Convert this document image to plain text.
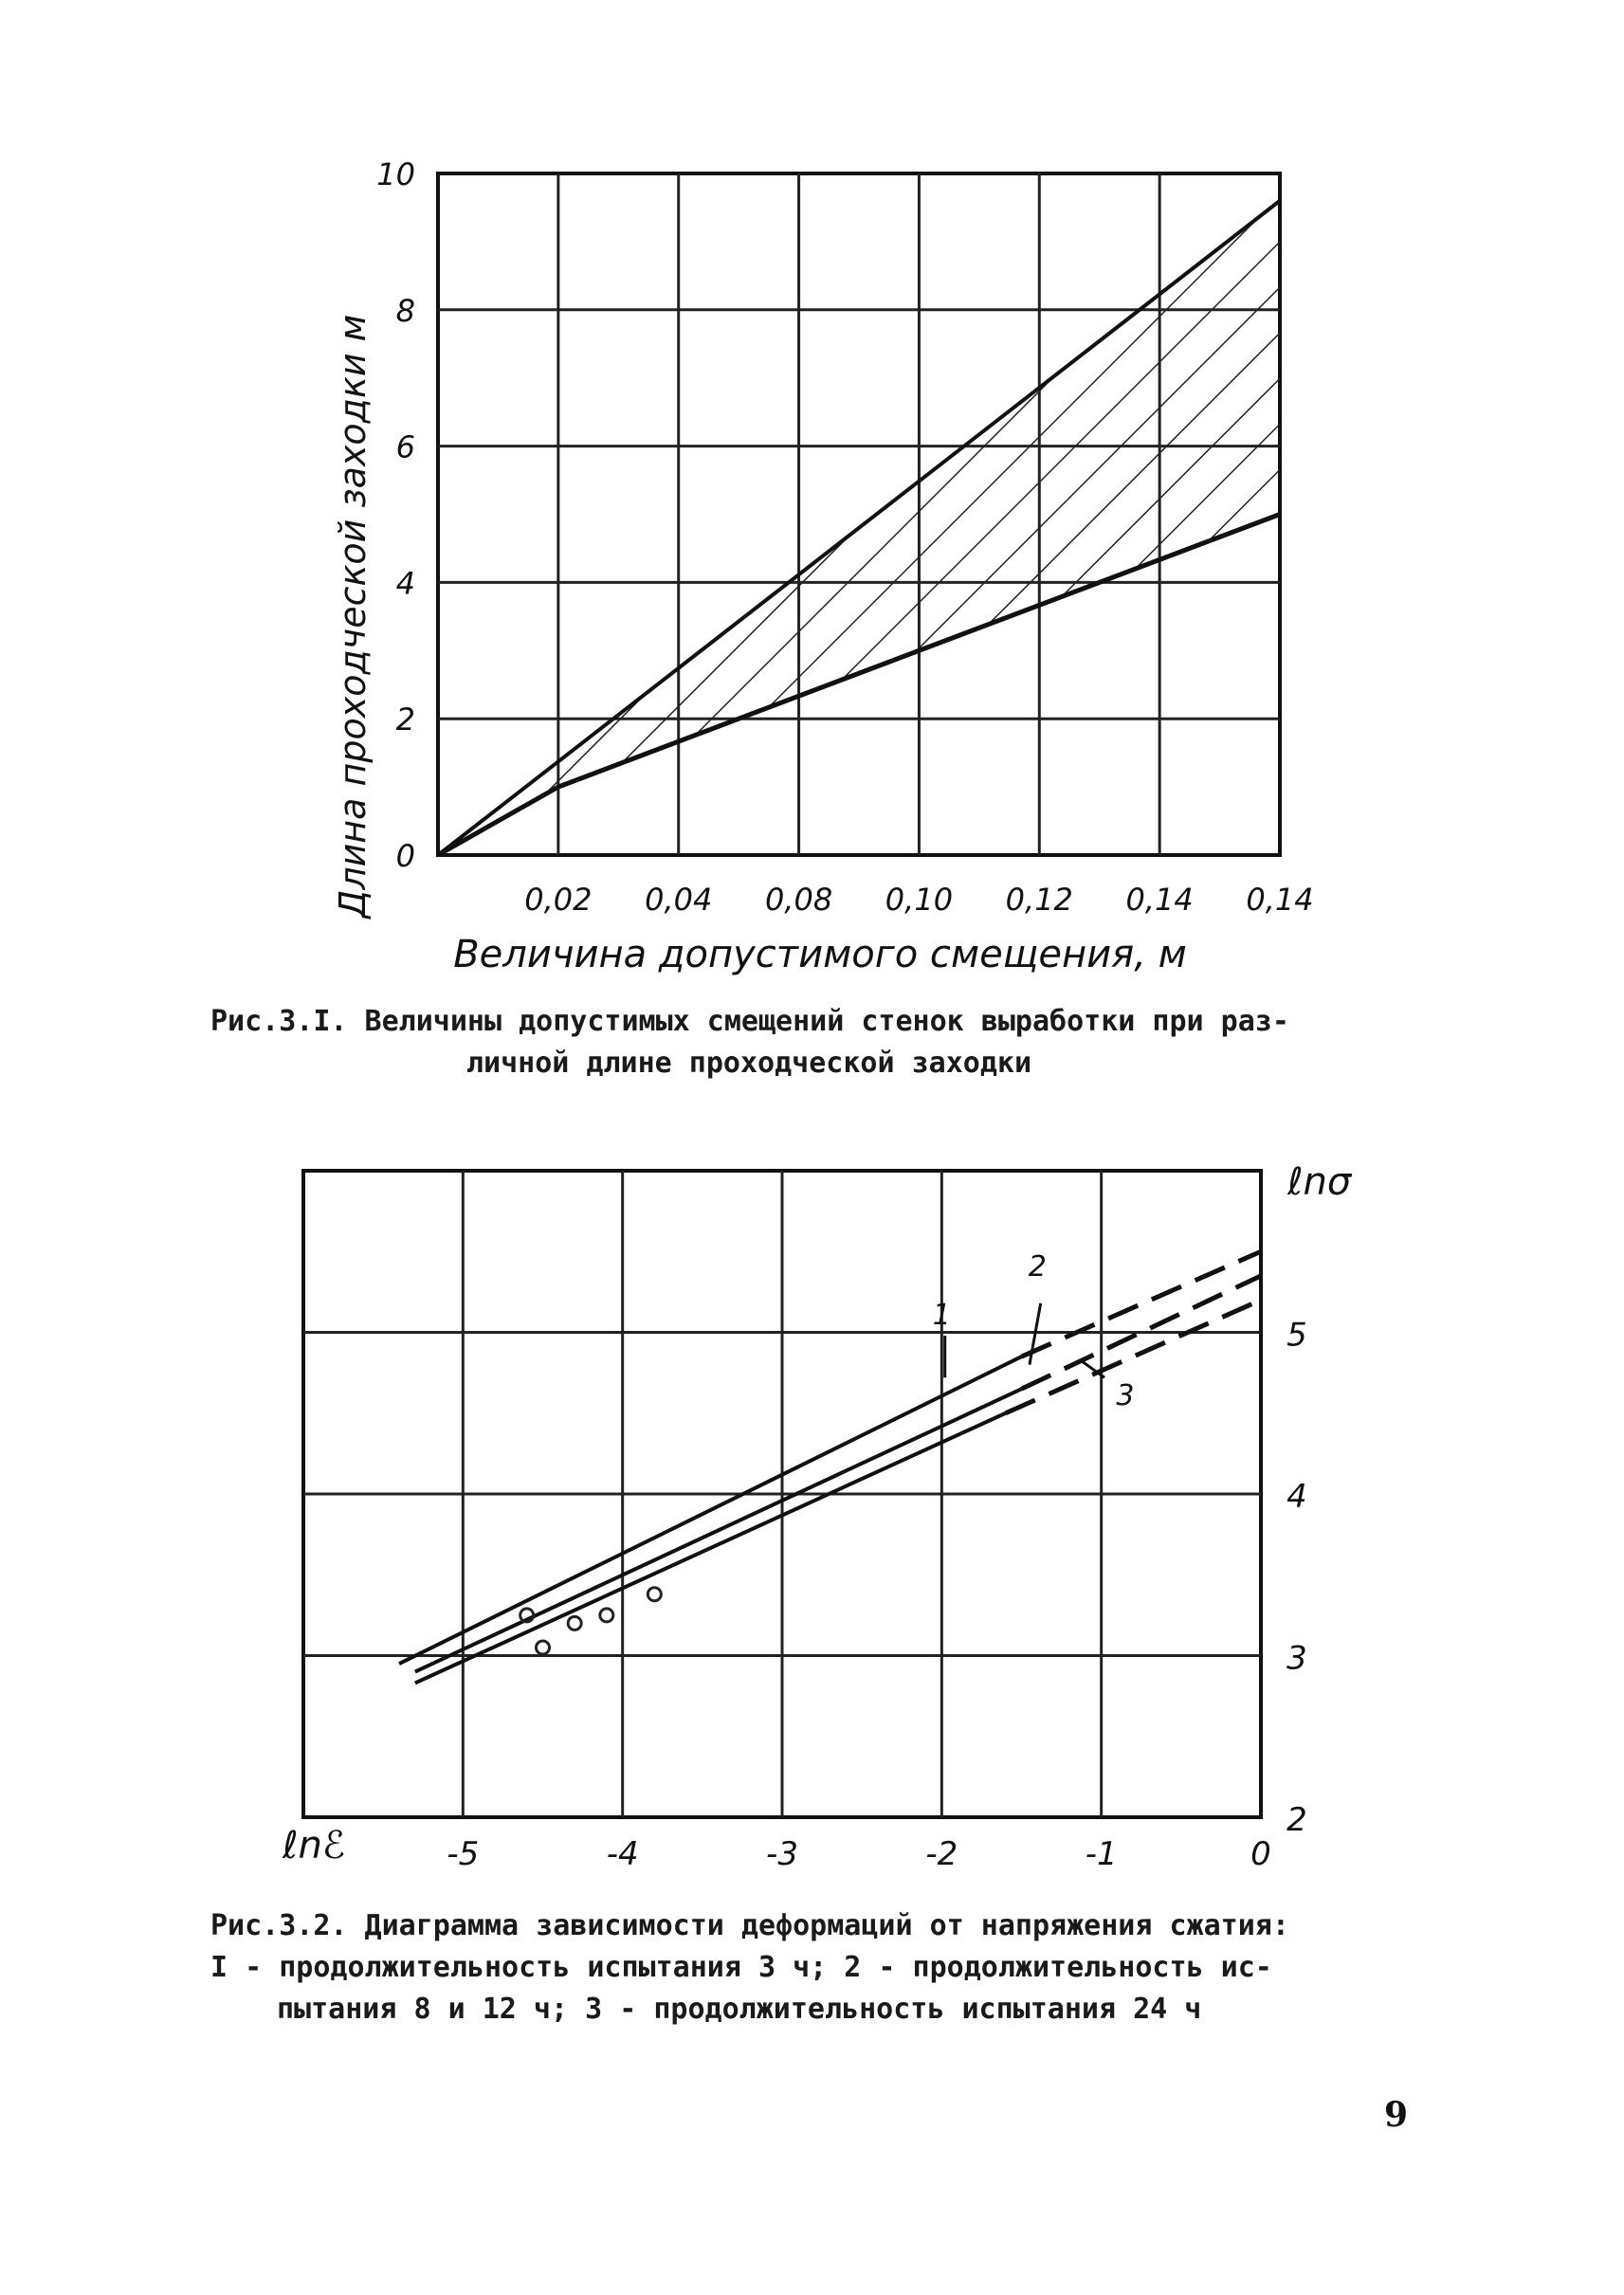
0
2
4
6
8
10
0,02 0,04 0,08 0,10 0,12 0,14 0,14
Длина проходческой заходки м
Величина допустимого смещения, м
Рис.3.I. Величины допустимых смещений стенок выработки при раз-
личной длине проходческой заходки
1
2
3
2
3
4
5
-5	-4	-3	-2	-1	0
ℓnσ
ℓnℰ
Рис.3.2. Диаграмма зависимости деформаций от напряжения сжатия:
I - продолжительность испытания 3 ч; 2 - продолжительность ис-
пытания 8 и 12 ч; 3 - продолжительность испытания 24 ч
9
